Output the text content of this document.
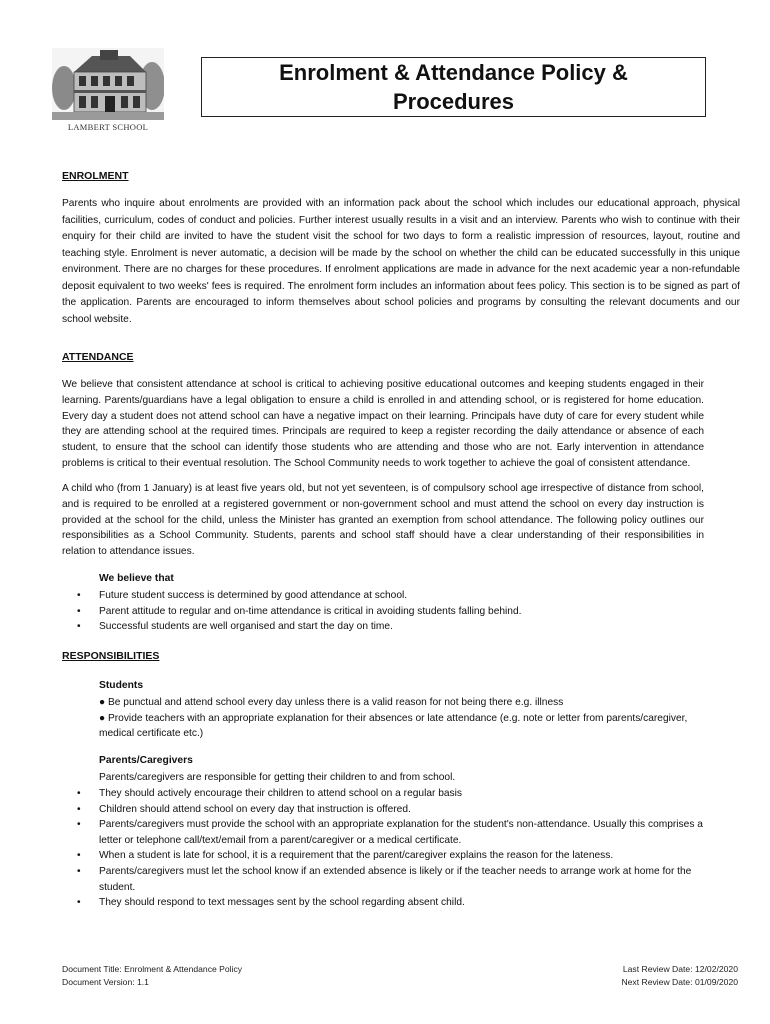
LAMBERT SCHOOL
Enrolment & Attendance Policy &
Procedures
ENROLMENT
Parents who inquire about enrolments are provided with an information pack about the school which includes our educational approach, physical facilities, curriculum, codes of conduct and policies. Further interest usually results in a visit and an interview. Parents who wish to continue with their enquiry for their child are invited to have the student visit the school for two days to form a realistic impression of resources, layout, routine and teaching style. Enrolment is never automatic, a decision will be made by the school on whether the child can be educated successfully in this unique environment. There are no charges for these procedures. If enrolment applications are made in advance for the next academic year a non-refundable deposit equivalent to two weeks' fees is required. The enrolment form includes an information about fees policy. This section is to be signed as part of the application. Parents are encouraged to inform themselves about school policies and programs by consulting the relevant documents and our school website.
ATTENDANCE
We believe that consistent attendance at school is critical to achieving positive educational outcomes and keeping students engaged in their learning. Parents/guardians have a legal obligation to ensure a child is enrolled in and attending school, or is registered for home education. Every day a student does not attend school can have a negative impact on their learning. Principals have duty of care for every student while they are attending school at the required times. Principals are required to keep a register recording the daily attendance or absence of each student, to ensure that the school can identify those students who are attending and those who are not. Early intervention in attendance problems is critical to their eventual resolution. The School Community needs to work together to achieve the goal of consistent attendance.
A child who (from 1 January) is at least five years old, but not yet seventeen, is of compulsory school age irrespective of distance from school, and is required to be enrolled at a registered government or non-government school and must attend the school on every day instruction is provided at the school for the child, unless the Minister has granted an exemption from school attendance. The following policy outlines our responsibilities as a School Community. Students, parents and school staff should have a clear understanding of their responsibilities in relation to attendance issues.
We believe that
• Future student success is determined by good attendance at school.
• Parent attitude to regular and on-time attendance is critical in avoiding students falling behind.
• Successful students are well organised and start the day on time.
RESPONSIBILITIES
Students
● Be punctual and attend school every day unless there is a valid reason for not being there e.g. illness
● Provide teachers with an appropriate explanation for their absences or late attendance (e.g. note or letter from parents/caregiver, medical certificate etc.)
Parents/Caregivers
Parents/caregivers are responsible for getting their children to and from school.
• They should actively encourage their children to attend school on a regular basis
• Children should attend school on every day that instruction is offered.
• Parents/caregivers must provide the school with an appropriate explanation for the student's non-attendance. Usually this comprises a letter or telephone call/text/email from a parent/caregiver or a medical certificate.
• When a student is late for school, it is a requirement that the parent/caregiver explains the reason for the lateness.
• Parents/caregivers must let the school know if an extended absence is likely or if the teacher needs to arrange work at home for the student.
• They should respond to text messages sent by the school regarding absent child.
Document Title: Enrolment & Attendance Policy
Document Version: 1.1
Last Review Date: 12/02/2020
Next Review Date: 01/09/2020
